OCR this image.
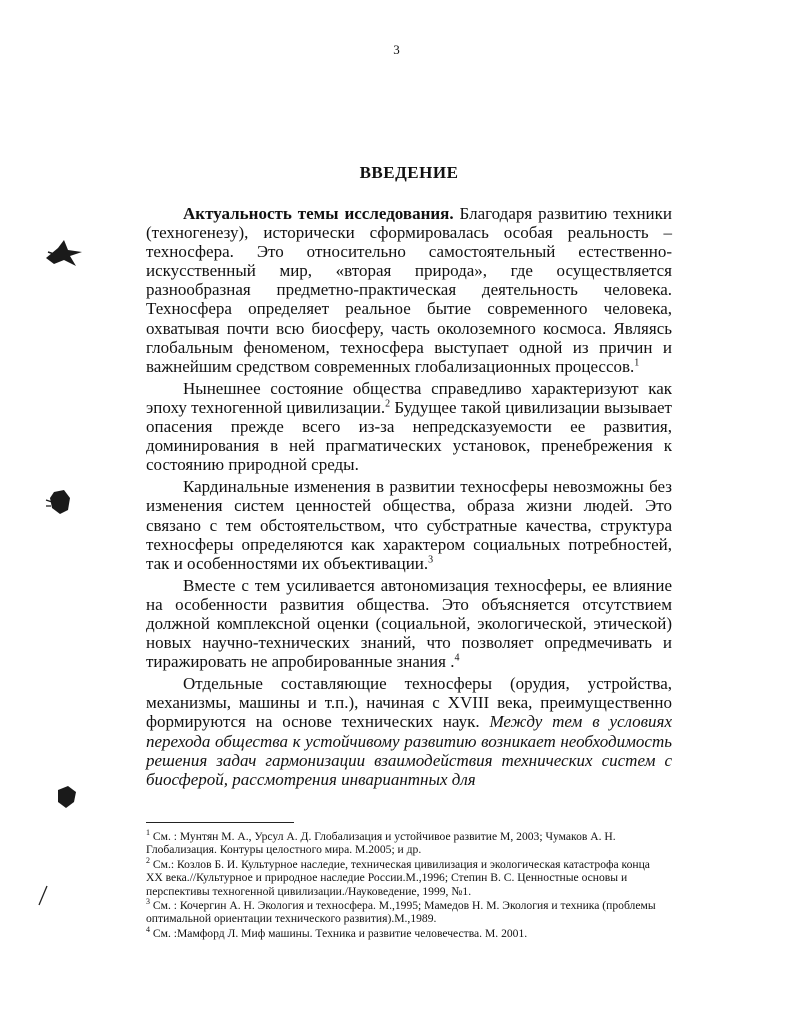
3
ВВЕДЕНИЕ

Актуальность темы исследования. Благодаря развитию техники (техногенезу), исторически сформировалась особая реальность – техносфера. Это относительно самостоятельный естественно-искусственный мир, «вторая природа», где осуществляется разнообразная предметно-практическая деятельность человека. Техносфера определяет реальное бытие современного человека, охватывая почти всю биосферу, часть околоземного космоса. Являясь глобальным феноменом, техносфера выступает одной из причин и важнейшим средством современных глобализационных процессов.$^1$

Нынешнее состояние общества справедливо характеризуют как эпоху техногенной цивилизации.$^2$ Будущее такой цивилизации вызывает опасения прежде всего из-за непредсказуемости ее развития, доминирования в ней прагматических установок, пренебрежения к состоянию природной среды.

Кардинальные изменения в развитии техносферы невозможны без изменения систем ценностей общества, образа жизни людей. Это связано с тем обстоятельством, что субстратные качества, структура техносферы определяются как характером социальных потребностей, так и особенностями их объективации.$^3$

Вместе с тем усиливается автономизация техносферы, ее влияние на особенности развития общества. Это объясняется отсутствием должной комплексной оценки (социальной, экологической, этической) новых научно-технических знаний, что позволяет опредмечивать и тиражировать не апробированные знания .$^4$

Отдельные составляющие техносферы (орудия, устройства, механизмы, машины и т.п.), начиная с XVIII века, преимущественно формируются на основе технических наук. Между тем в условиях перехода общества к устойчивому развитию возникает необходимость решения задач гармонизации взаимодействия технических систем с биосферой, рассмотрения инвариантных для

$^1$ См. : Мунтян М. А., Урсул А. Д. Глобализация и устойчивое развитие М, 2003; Чумаков А. Н. Глобализация. Контуры целостного мира. М.2005; и др.

$^2$ См.: Козлов Б. И. Культурное наследие, техническая цивилизация и экологическая катастрофа конца XX века.//Культурное и природное наследие России.М.,1996; Степин В. С. Ценностные основы и перспективы техногенной цивилизации./Науковедение, 1999, №1.

$^3$ См. : Кочергин А. Н. Экология и техносфера. М.,1995; Мамедов Н. М. Экология и техника (проблемы оптимальной ориентации технического развития).М.,1989.

$^4$ См. :Мамфорд Л. Миф машины. Техника и развитие человечества. М. 2001.
